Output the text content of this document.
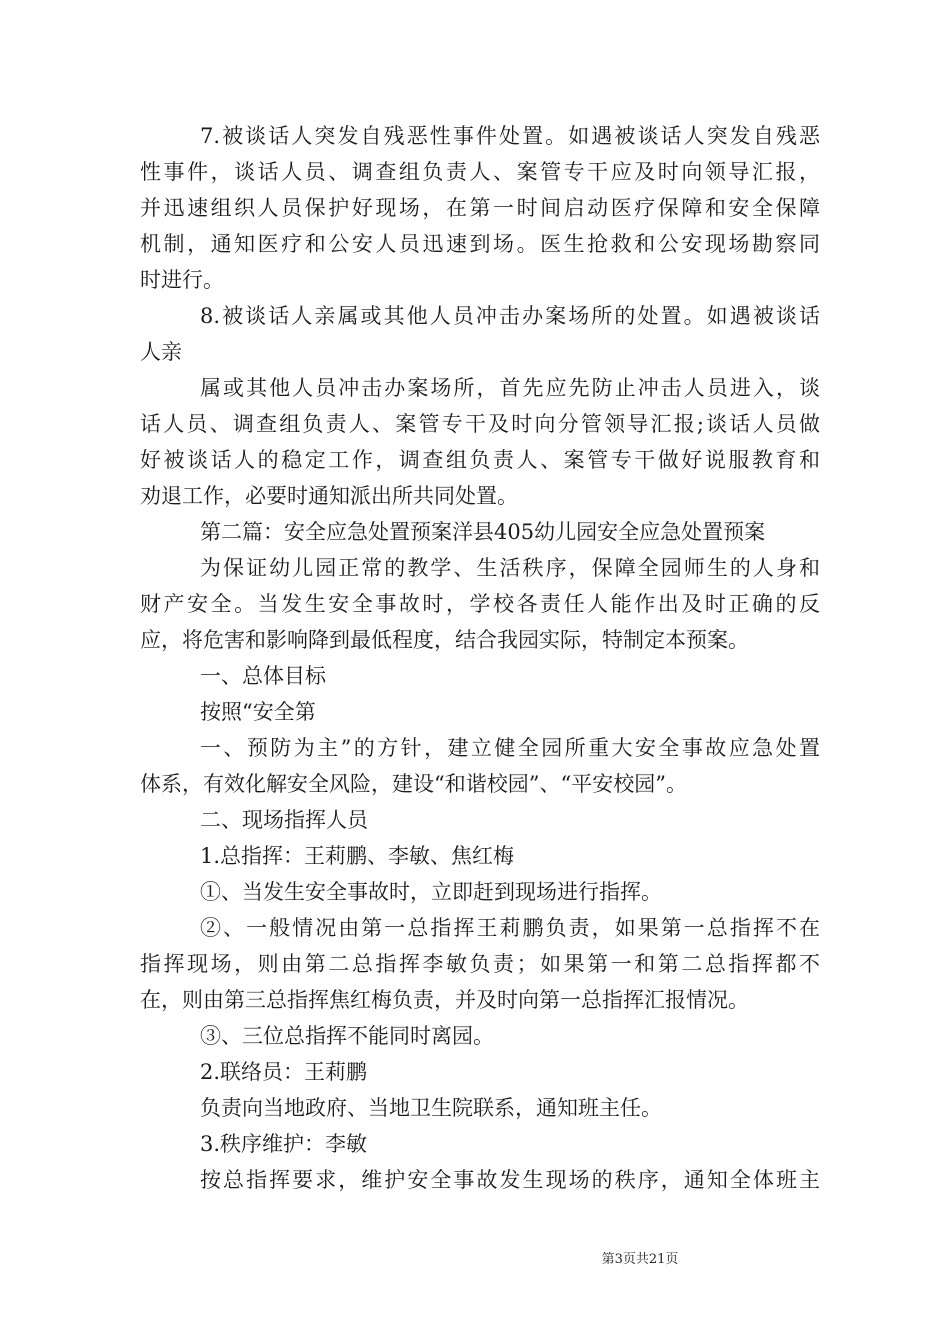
7.被谈话人突发自残恶性事件处置。如遇被谈话人突发自残恶
性事件，谈话人员、调查组负责人、案管专干应及时向领导汇报，
并迅速组织人员保护好现场，在第一时间启动医疗保障和安全保障
机制，通知医疗和公安人员迅速到场。医生抢救和公安现场勘察同
时进行。
8.被谈话人亲属或其他人员冲击办案场所的处置。如遇被谈话
人亲
属或其他人员冲击办案场所，首先应先防止冲击人员进入，谈
话人员、调查组负责人、案管专干及时向分管领导汇报;谈话人员做
好被谈话人的稳定工作，调查组负责人、案管专干做好说服教育和
劝退工作，必要时通知派出所共同处置。
第二篇：安全应急处置预案洋县405幼儿园安全应急处置预案
为保证幼儿园正常的教学、生活秩序，保障全园师生的人身和
财产安全。当发生安全事故时，学校各责任人能作出及时正确的反
应，将危害和影响降到最低程度，结合我园实际，特制定本预案。
一、总体目标
按照“安全第
一、预防为主”的方针，建立健全园所重大安全事故应急处置
体系，有效化解安全风险，建设“和谐校园”、“平安校园”。
二、现场指挥人员
1.总指挥：王莉鹏、李敏、焦红梅
①、当发生安全事故时，立即赶到现场进行指挥。
②、一般情况由第一总指挥王莉鹏负责，如果第一总指挥不在
指挥现场，则由第二总指挥李敏负责；如果第一和第二总指挥都不
在，则由第三总指挥焦红梅负责，并及时向第一总指挥汇报情况。
③、三位总指挥不能同时离园。
2.联络员：王莉鹏
负责向当地政府、当地卫生院联系，通知班主任。
3.秩序维护：李敏
按总指挥要求，维护安全事故发生现场的秩序，通知全体班主
第3页共21页
